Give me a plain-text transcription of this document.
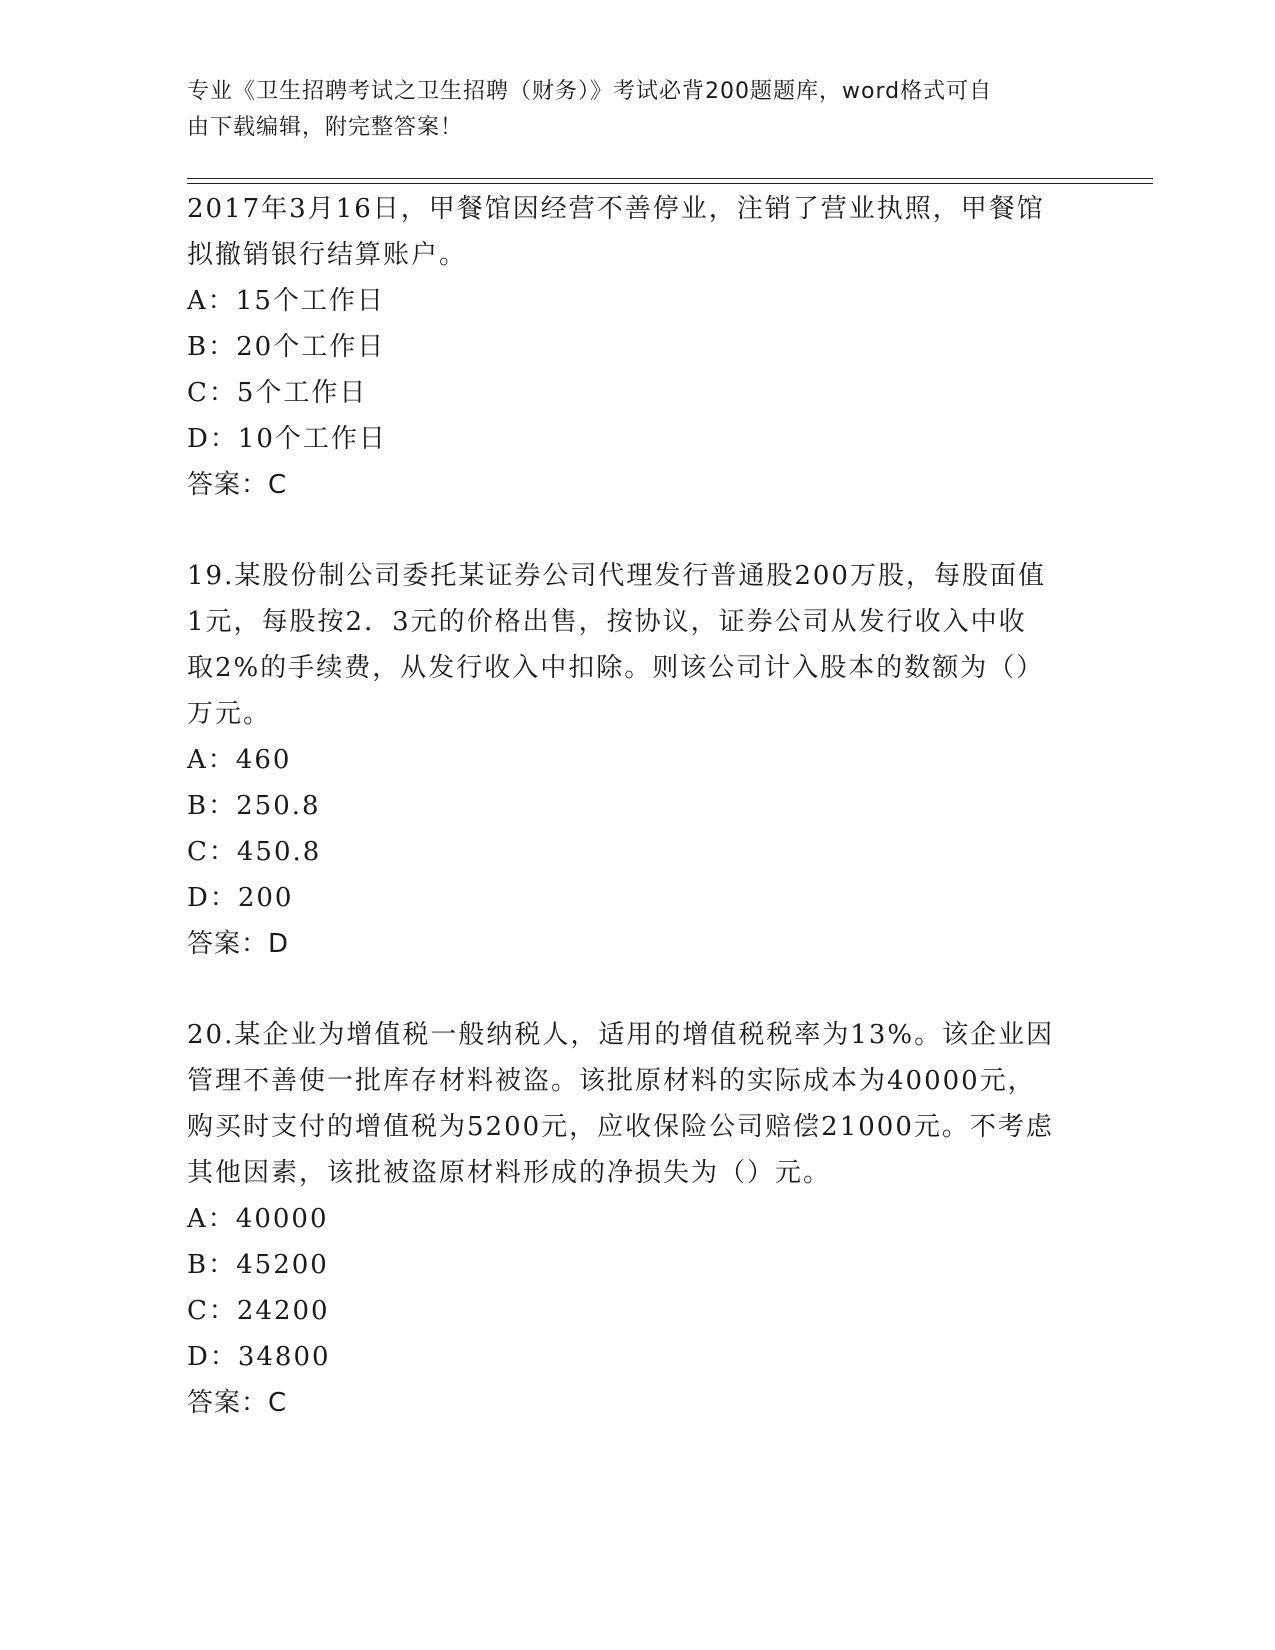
专业《卫生招聘考试之卫生招聘（财务）》考试必背200题题库，word格式可自
由下载编辑，附完整答案！

2017年3月16日，甲餐馆因经营不善停业，注销了营业执照，甲餐馆

拟撤销银行结算账户。

A：15个工作日

B：20个工作日

C：5个工作日

D：10个工作日

答案：C

19.某股份制公司委托某证券公司代理发行普通股200万股，每股面值

1元，每股按2．3元的价格出售，按协议，证券公司从发行收入中收

取2%的手续费，从发行收入中扣除。则该公司计入股本的数额为（）

万元。

A：460

B：250.8

C：450.8

D：200

答案：D

20.某企业为增值税一般纳税人，适用的增值税税率为13%。该企业因

管理不善使一批库存材料被盗。该批原材料的实际成本为40000元，

购买时支付的增值税为5200元，应收保险公司赔偿21000元。不考虑

其他因素，该批被盗原材料形成的净损失为（）元。

A：40000

B：45200

C：24200

D：34800

答案：C
